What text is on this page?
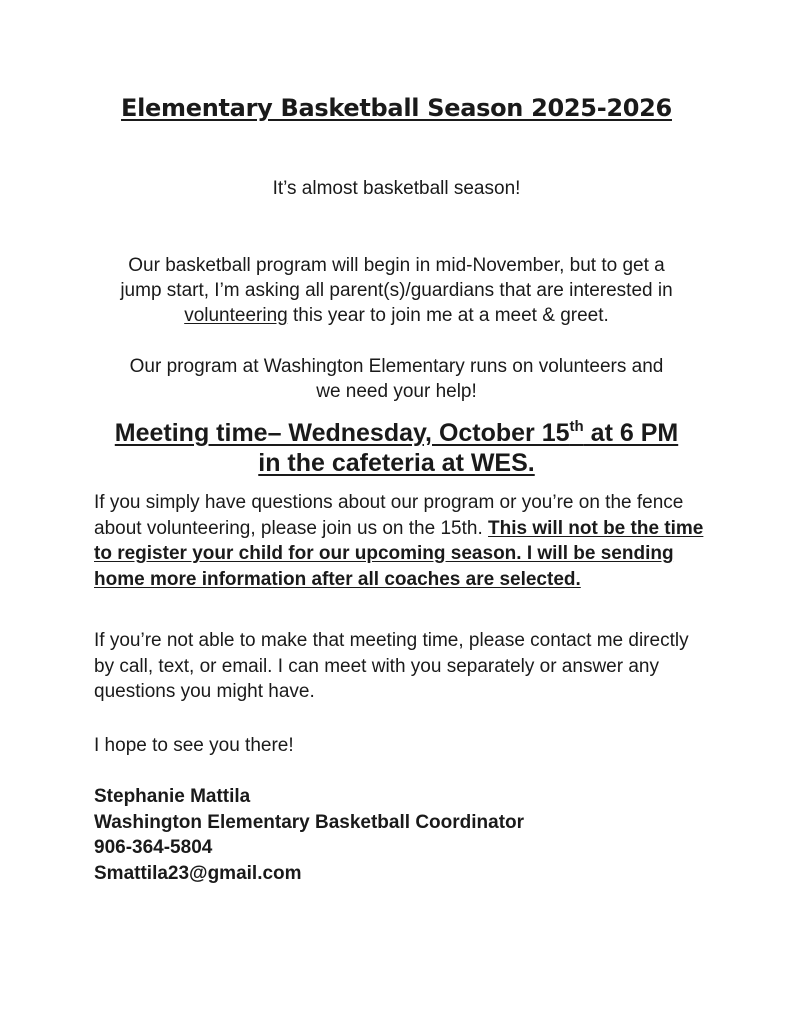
Elementary Basketball Season 2025-2026
It’s almost basketball season!
Our basketball program will begin in mid-November, but to get a
jump start, I’m asking all parent(s)/guardians that are interested in
volunteering this year to join me at a meet & greet.
Our program at Washington Elementary runs on volunteers and
we need your help!
Meeting time– Wednesday, October 15th at 6 PM
in the cafeteria at WES.
If you simply have questions about our program or you’re on the fence about volunteering, please join us on the 15th. This will not be the time to register your child for our upcoming season. I will be sending home more information after all coaches are selected.
If you’re not able to make that meeting time, please contact me directly by call, text, or email. I can meet with you separately or answer any questions you might have.
I hope to see you there!
Stephanie Mattila
Washington Elementary Basketball Coordinator
906-364-5804
Smattila23@gmail.com
